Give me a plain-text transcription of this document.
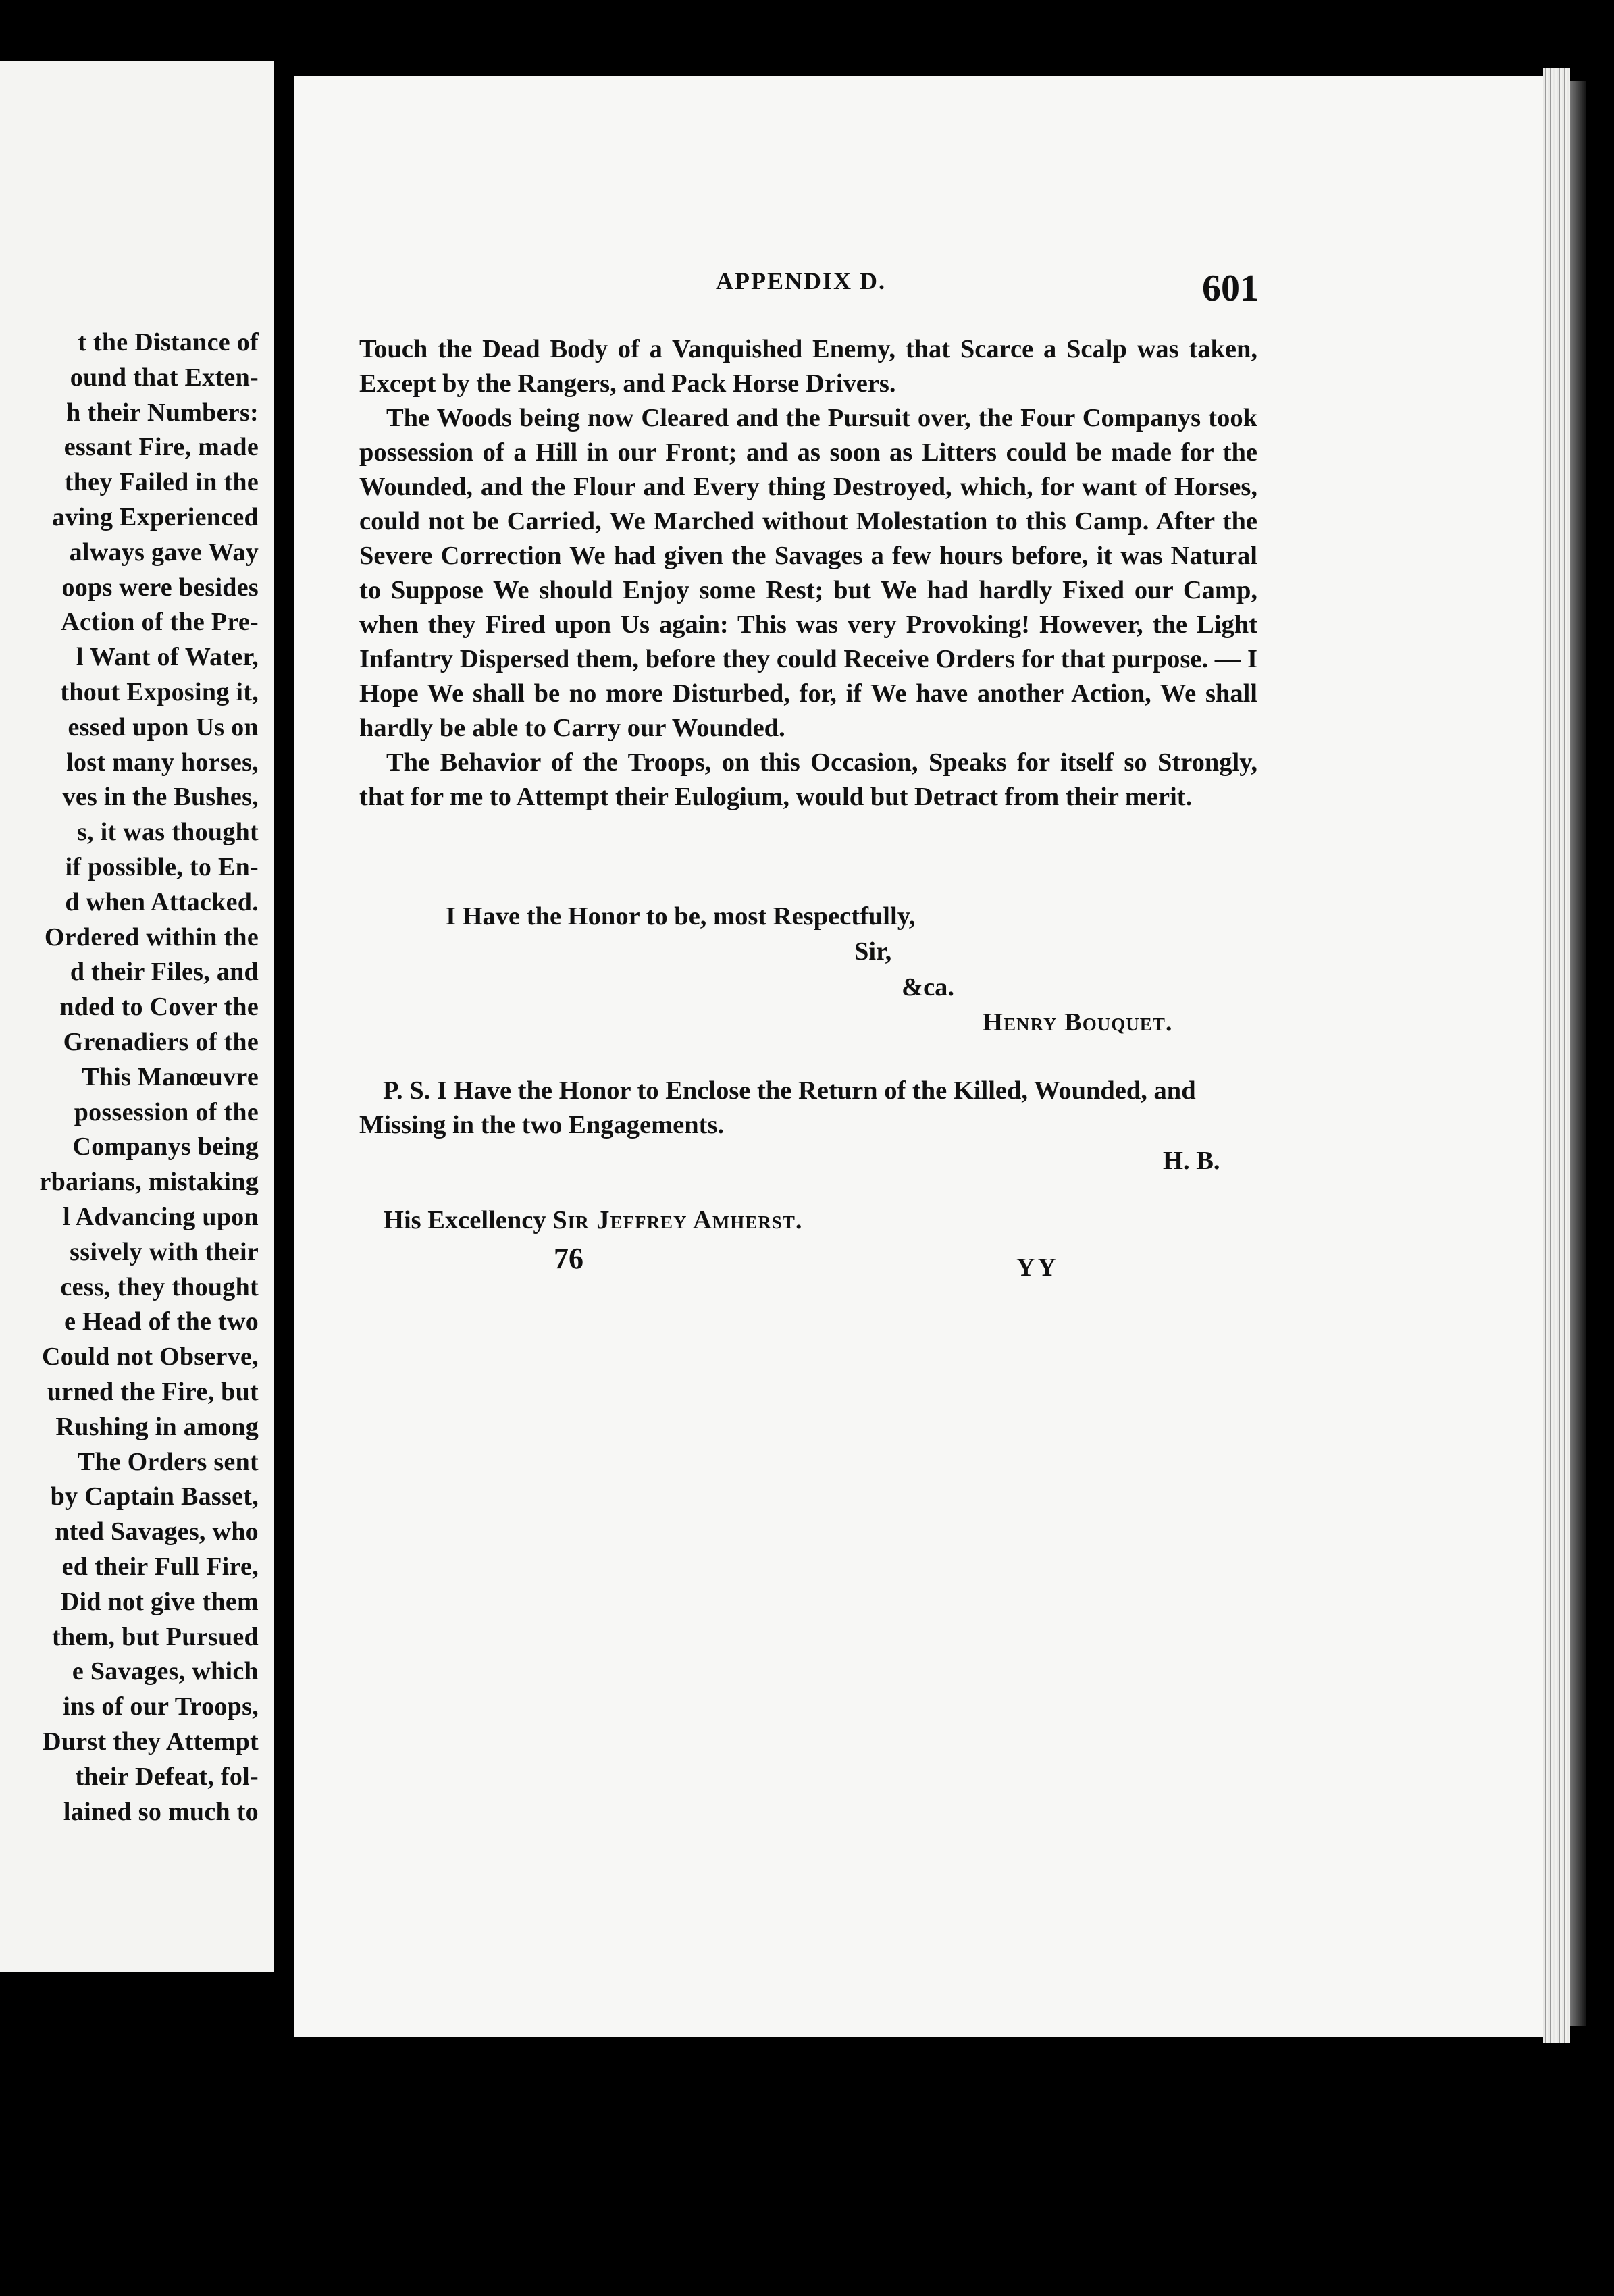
t the Distance of
ound that Exten-
h their Numbers:
essant Fire, made
they Failed in the
aving Experienced
always gave Way
oops were besides
Action of the Pre-
l Want of Water,
thout Exposing it,
essed upon Us on
lost many horses,
ves in the Bushes,
s, it was thought
if possible, to En-
d when Attacked.
Ordered within the
d their Files, and
nded to Cover the
Grenadiers of the
This Manœuvre
possession of the
Companys being
rbarians, mistaking
l Advancing upon
ssively with their
cess, they thought
e Head of the two
Could not Observe,
urned the Fire, but
Rushing in among
The Orders sent
by Captain Basset,
nted Savages, who
ed their Full Fire,
Did not give them
them, but Pursued
e Savages, which
ins of our Troops,
Durst they Attempt
their Defeat, fol-
lained so much to
APPENDIX D.	601

Touch the Dead Body of a Vanquished Enemy, that Scarce a Scalp was taken, Except by the Rangers, and Pack Horse Drivers.

The Woods being now Cleared and the Pursuit over, the Four Companys took possession of a Hill in our Front; and as soon as Litters could be made for the Wounded, and the Flour and Every thing Destroyed, which, for want of Horses, could not be Carried, We Marched without Molestation to this Camp. After the Severe Correction We had given the Savages a few hours before, it was Natural to Suppose We should Enjoy some Rest; but We had hardly Fixed our Camp, when they Fired upon Us again: This was very Provoking! However, the Light Infantry Dispersed them, before they could Receive Orders for that purpose. — I Hope We shall be no more Disturbed, for, if We have another Action, We shall hardly be able to Carry our Wounded.

The Behavior of the Troops, on this Occasion, Speaks for itself so Strongly, that for me to Attempt their Eulogium, would but Detract from their merit.

I Have the Honor to be, most Respectfully,
Sir,
&ca.
Henry Bouquet.
P. S. I Have the Honor to Enclose the Return of the Killed, Wounded, and Missing in the two Engagements.
H. B.
His Excellency Sir Jeffrey Amherst.
76	YY
